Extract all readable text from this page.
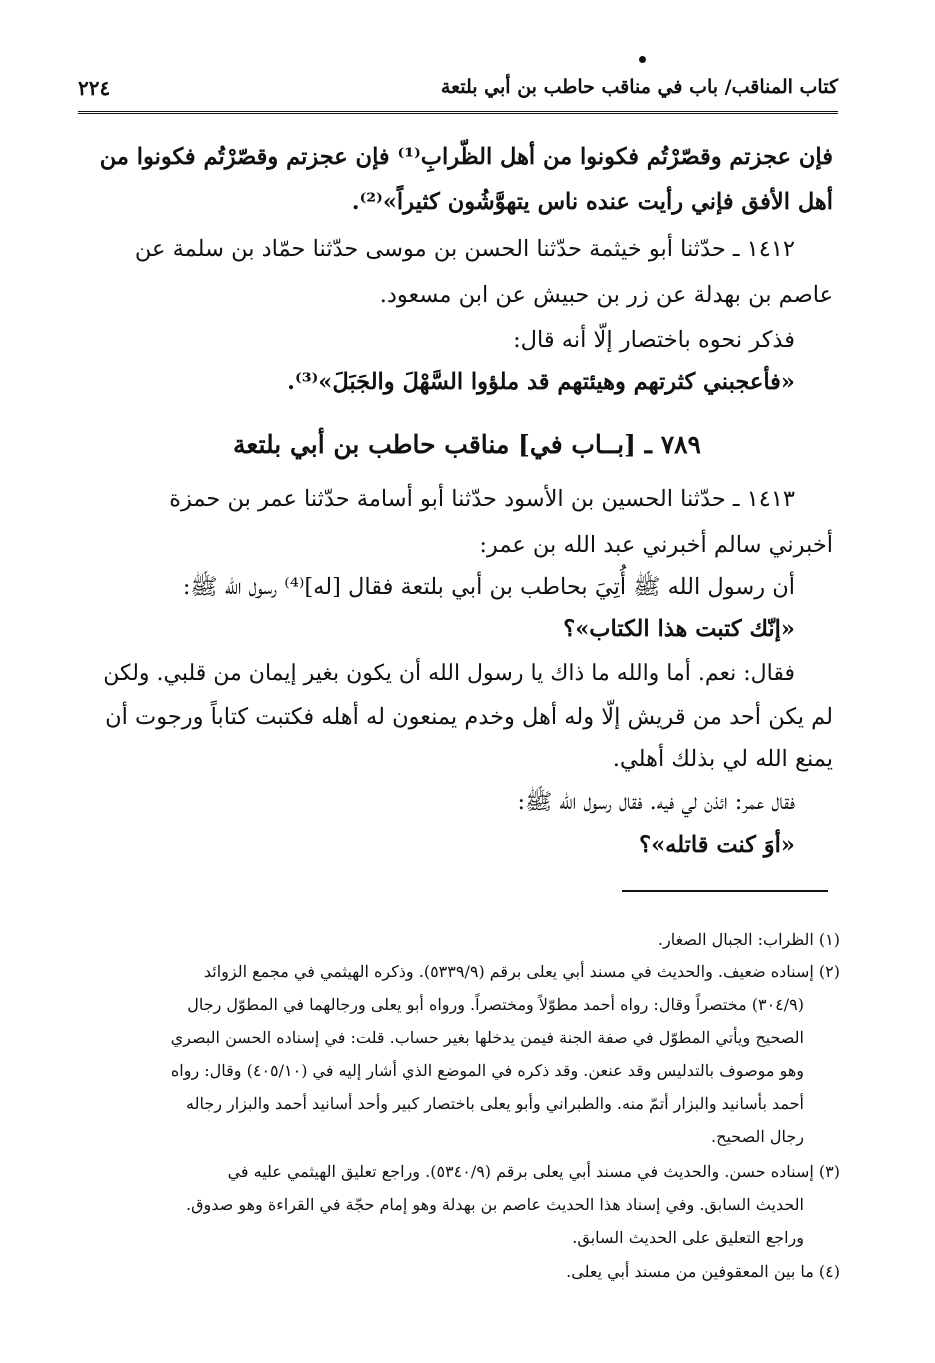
كتاب المناقب/ باب في مناقب حاطب بن أبي بلتعة
٢٢٤
فإن عجزتم وقصّرْتُم فكونوا من أهل الظّرابِ⁽¹⁾ فإن عجزتم وقصّرْتُم فكونوا من
أهل الأفق فإني رأيت عنده ناس يتهوَّشُون كثيراً»⁽²⁾.
١٤١٢ ـ حدّثنا أبو خيثمة حدّثنا الحسن بن موسى حدّثنا حمّاد بن سلمة عن
عاصم بن بهدلة عن زر بن حبيش عن ابن مسعود.
فذكر نحوه باختصار إلّا أنه قال:
«فأعجبني كثرتهم وهيئتهم قد ملؤوا السَّهْلَ والجَبَلَ»⁽³⁾.
٧٨٩ ـ [بــاب في] مناقب حاطب بن أبي بلتعة
١٤١٣ ـ حدّثنا الحسين بن الأسود حدّثنا أبو أسامة حدّثنا عمر بن حمزة
أخبرني سالم أخبرني عبد الله بن عمر:
أن رسول الله ﷺ أُتِيَ بحاطب بن أبي بلتعة فقال [له]⁽⁴⁾ رسول الله ﷺ:
«إنّك كتبت هذا الكتاب»؟
فقال: نعم. أما والله ما ذاك يا رسول الله أن يكون بغير إيمان من قلبي. ولكن
لم يكن أحد من قريش إلّا وله أهل وخدم يمنعون له أهله فكتبت كتاباً ورجوت أن
يمنع الله لي بذلك أهلي.
فقال عمر: ائذن لي فيه. فقال رسول الله ﷺ:
«أوَ كنت قاتله»؟
(١) الظراب: الجبال الصغار.
(٢) إسناده ضعيف. والحديث في مسند أبي يعلى برقم (٥٣٣٩/٩). وذكره الهيثمي في مجمع الزوائد
(٣٠٤/٩) مختصراً وقال: رواه أحمد مطوّلاً ومختصراً. ورواه أبو يعلى ورجالهما في المطوّل رجال
الصحيح ويأتي المطوّل في صفة الجنة فيمن يدخلها بغير حساب. قلت: في إسناده الحسن البصري
وهو موصوف بالتدليس وقد عنعن. وقد ذكره في الموضع الذي أشار إليه في (٤٠٥/١٠) وقال: رواه
أحمد بأسانيد والبزار أتمّ منه. والطبراني وأبو يعلى باختصار كبير وأحد أسانيد أحمد والبزار رجاله
رجال الصحيح.
(٣) إسناده حسن. والحديث في مسند أبي يعلى برقم (٥٣٤٠/٩). وراجع تعليق الهيثمي عليه في
الحديث السابق. وفي إسناد هذا الحديث عاصم بن بهدلة وهو إمام حجّة في القراءة وهو صدوق.
وراجع التعليق على الحديث السابق.
(٤) ما بين المعقوفين من مسند أبي يعلى.
